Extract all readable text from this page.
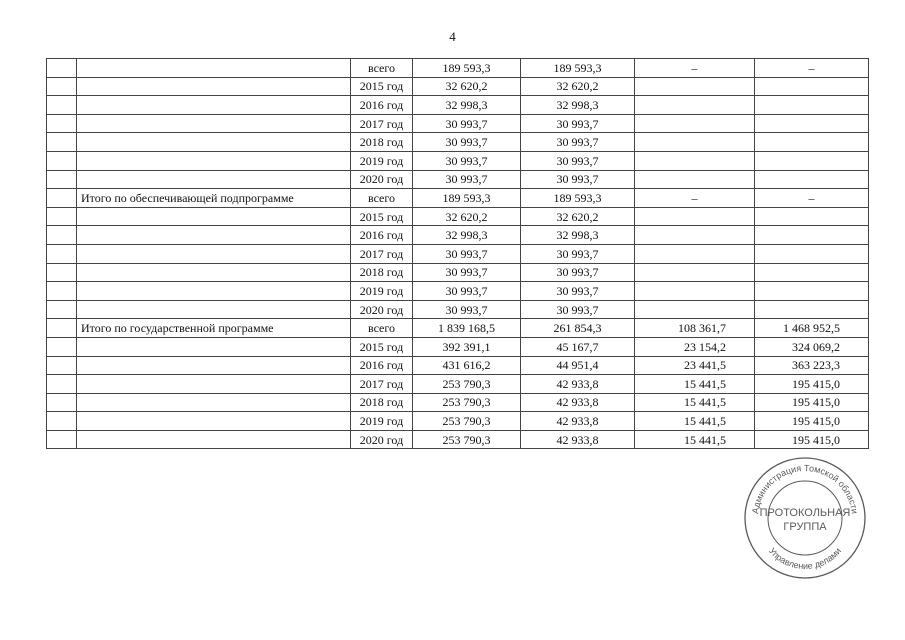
4
		всего	189 593,3	189 593,3	–	–
		2015 год	32 620,2	32 620,2		
		2016 год	32 998,3	32 998,3		
		2017 год	30 993,7	30 993,7		
		2018 год	30 993,7	30 993,7		
		2019 год	30 993,7	30 993,7		
		2020 год	30 993,7	30 993,7		
	Итого по обеспечивающей подпрограмме	всего	189 593,3	189 593,3	–	–
		2015 год	32 620,2	32 620,2		
		2016 год	32 998,3	32 998,3		
		2017 год	30 993,7	30 993,7		
		2018 год	30 993,7	30 993,7		
		2019 год	30 993,7	30 993,7		
		2020 год	30 993,7	30 993,7		
	Итого по государственной программе	всего	1 839 168,5	261 854,3	108 361,7	1 468 952,5
		2015 год	392 391,1	45 167,7	23 154,2	324 069,2
		2016 год	431 616,2	44 951,4	23 441,5	363 223,3
		2017 год	253 790,3	42 933,8	15 441,5	195 415,0
		2018 год	253 790,3	42 933,8	15 441,5	195 415,0
		2019 год	253 790,3	42 933,8	15 441,5	195 415,0
		2020 год	253 790,3	42 933,8	15 441,5	195 415,0
Администрация Томской области
Управление делами
ПРОТОКОЛЬНАЯ
ГРУППА
